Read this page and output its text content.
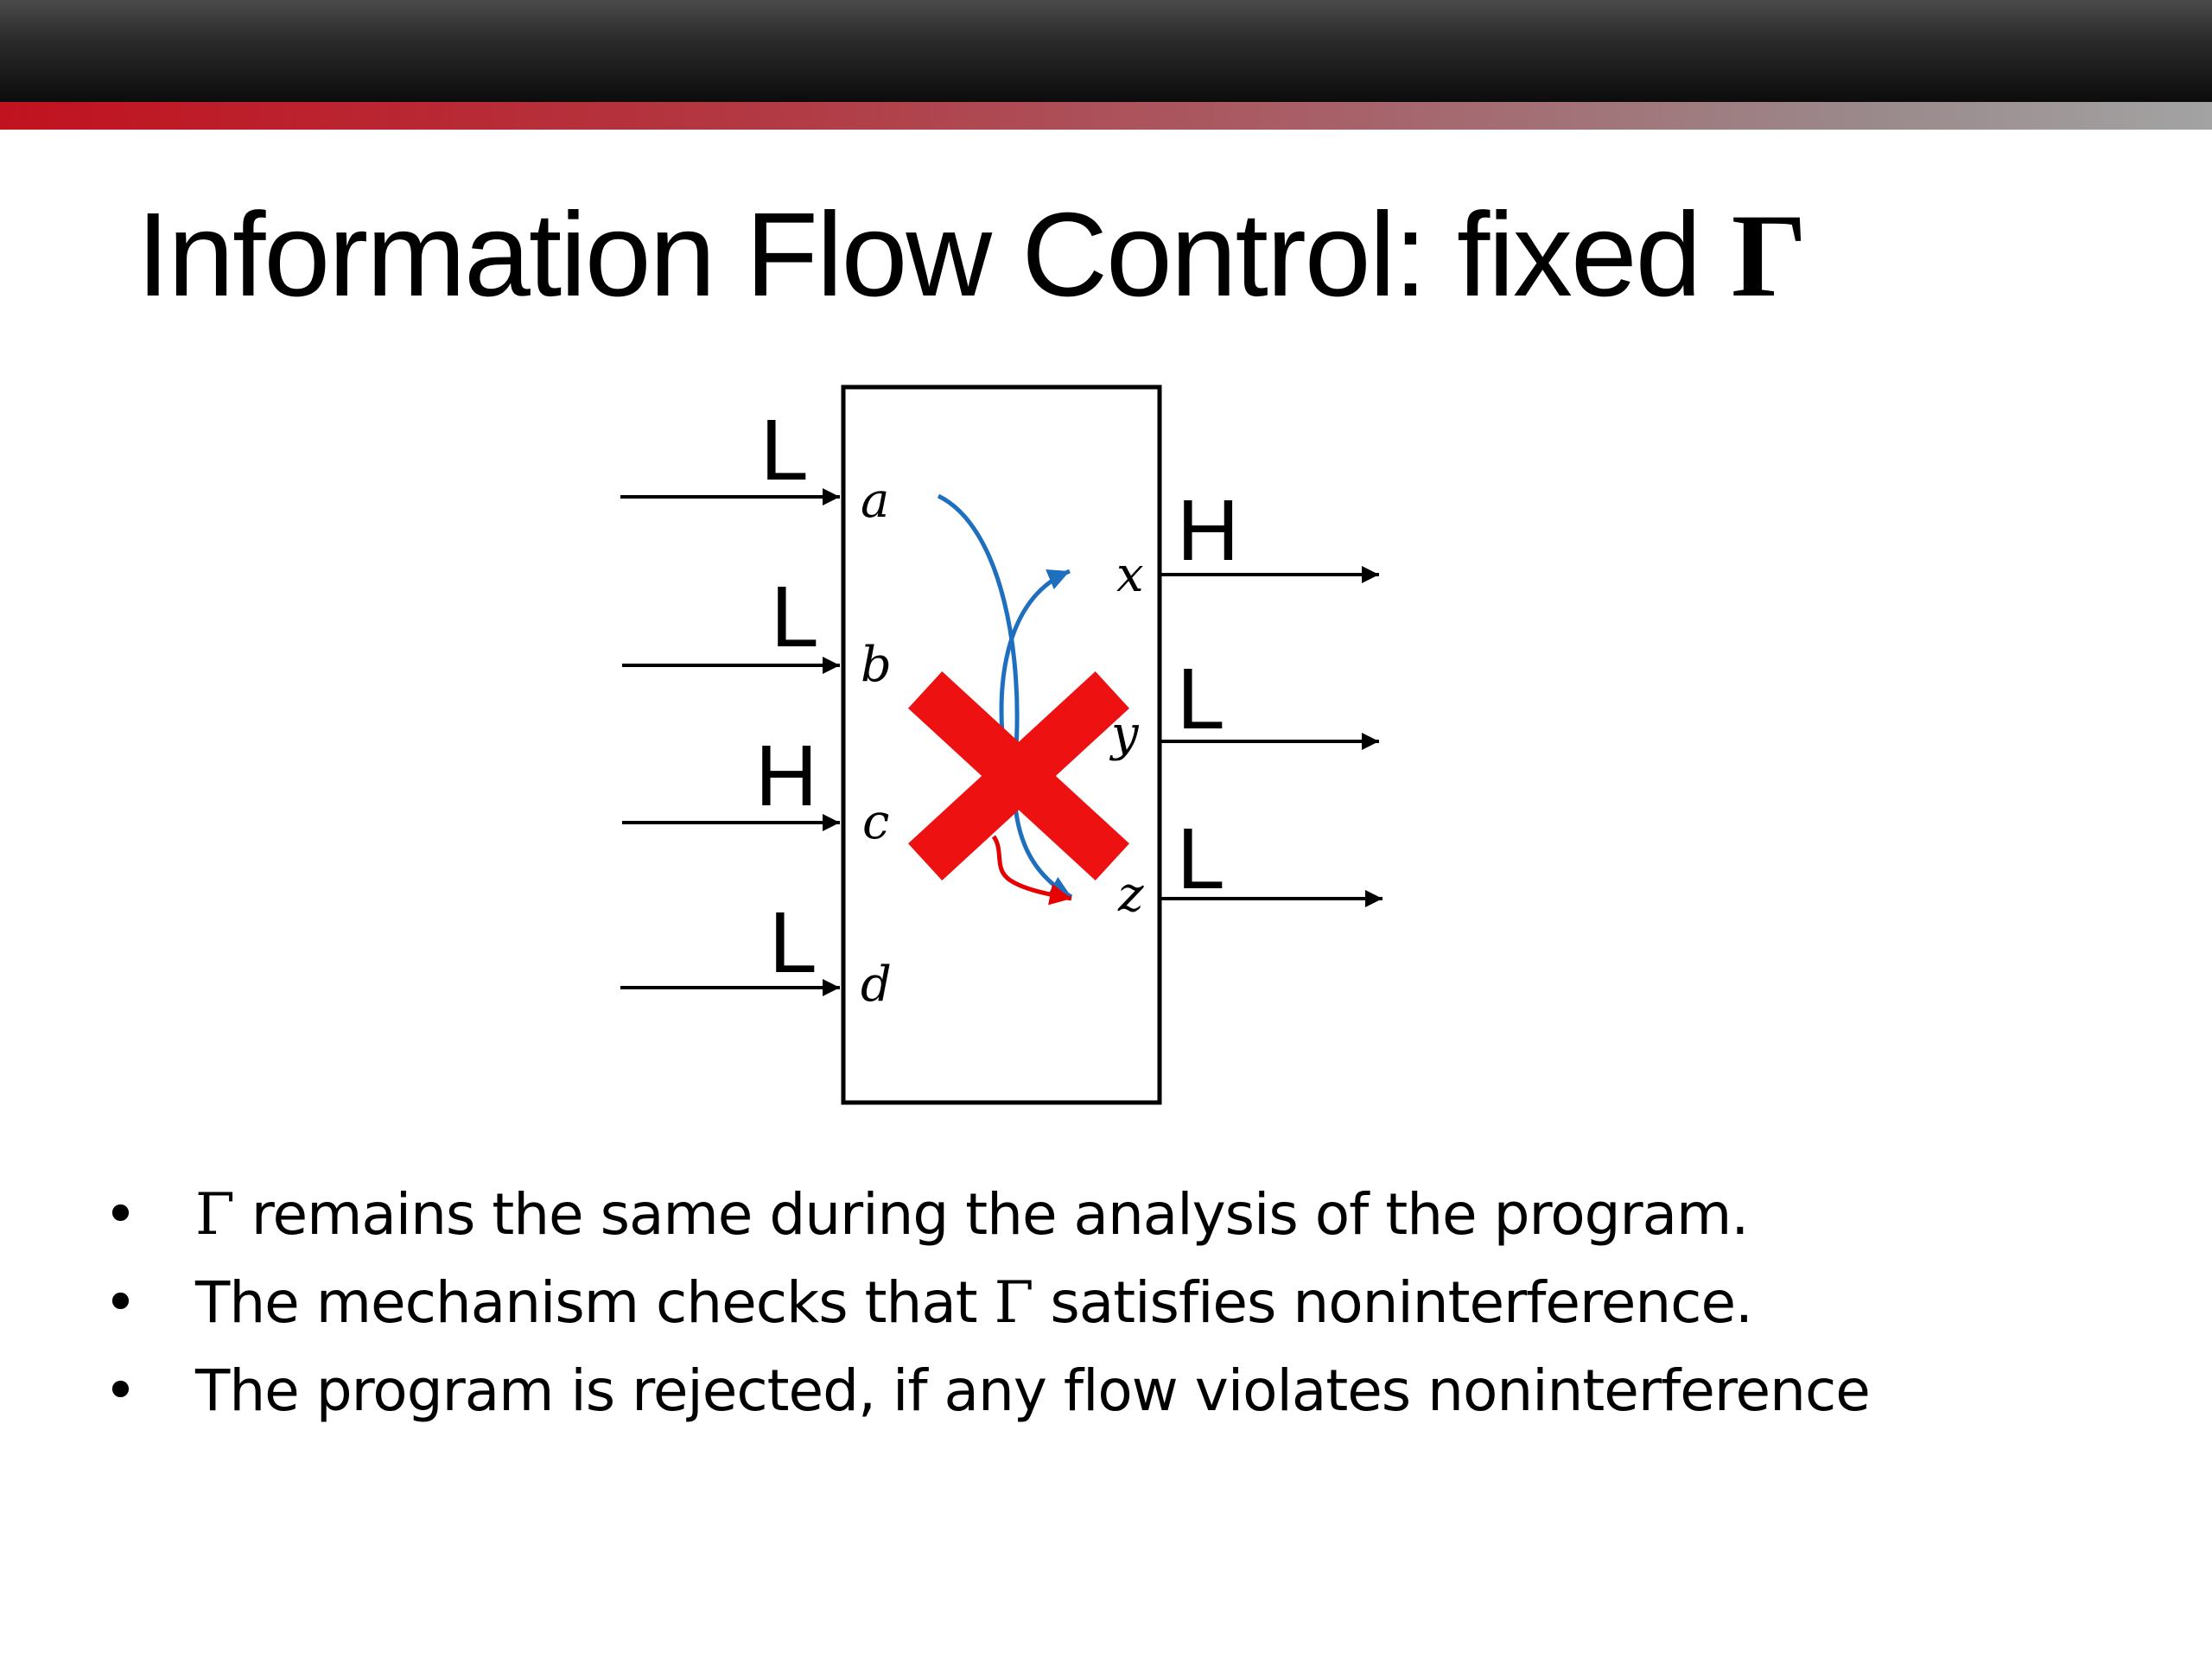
Information Flow Control: fixed Γ
L
L
H
L
H
L
L
a
b
c
d
x
y
z
•	Γ remains the same during the analysis of the program.
•	The mechanism checks that Γ satisfies noninterference.
•	The program is rejected, if any flow violates noninterference
